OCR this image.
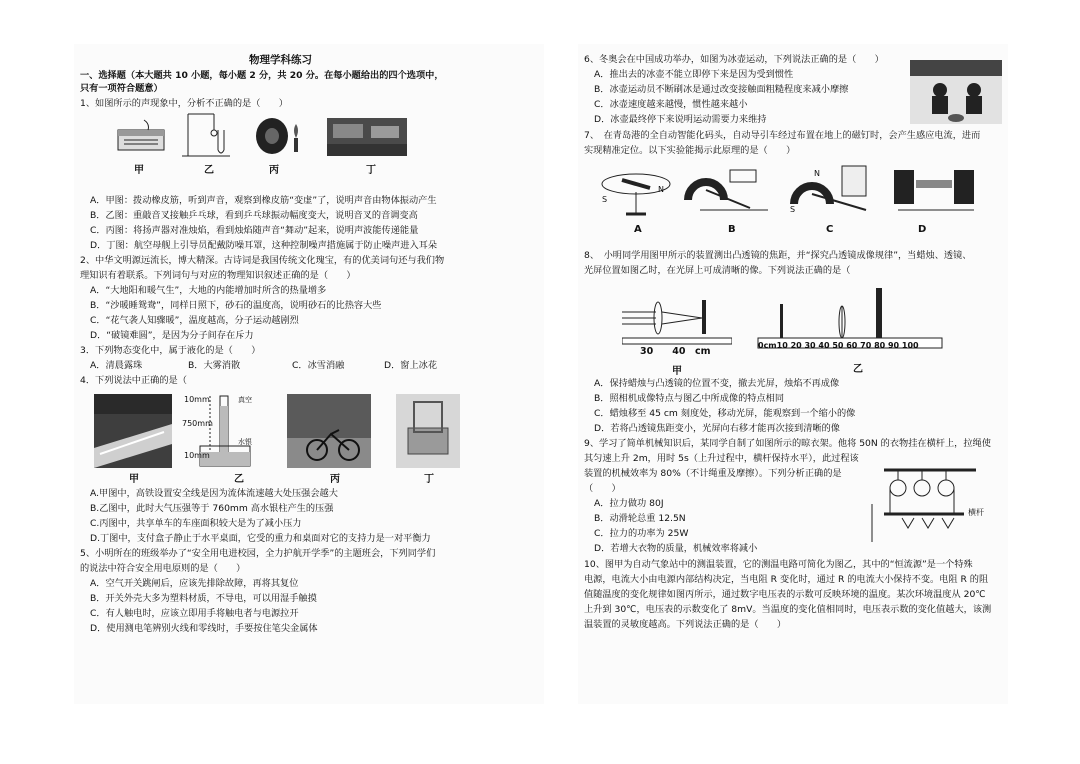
物理学科练习
一、选择题（本大题共 10 小题，每小题 2 分，共 20 分。在每小题给出的四个选项中，
只有一项符合题意）
1、如图所示的声现象中，分析不正确的是（　　）
甲	乙	丙	丁
A．甲图：拨动橡皮筋，听到声音，观察到橡皮筋“变虚”了，说明声音由物体振动产生
B．乙图：重敲音叉接触乒乓球，看到乒乓球振动幅度变大，说明音叉的音调变高
C．丙图：将扬声器对准烛焰，看到烛焰随声音“舞动”起来，说明声波能传递能量
D．丁图：航空母舰上引导员配戴防噪耳罩，这种控制噪声措施属于防止噪声进入耳朵
2、中华文明源远流长，博大精深。古诗词是我国传统文化瑰宝，有的优美词句还与我们物
理知识有着联系。下列词句与对应的物理知识叙述正确的是（　　）
A．“大地阳和暖气生”，大地的内能增加时所含的热量增多
B．“沙暖睡鸳鸯”，同样日照下，砂石的温度高，说明砂石的比热容大些
C．“花气袭人知骤暖”，温度越高，分子运动越剧烈
D．“破镜难圆”，是因为分子间存在斥力
3．下列物态变化中，属于液化的是（　　）
A．清晨露珠	B．大雾消散	C．冰雪消融	D．窗上冰花
4．下列说法中正确的是（
10mm	真空
750mm
水银
10mm
甲	乙	丙	丁
A.甲图中，高铁设置安全线是因为流体流速越大处压强会越大
B.乙图中，此时大气压强等于 760mm 高水银柱产生的压强
C.丙图中，共享单车的车座面积较大是为了减小压力
D.丁图中，支付盒子静止于水平桌面，它受的重力和桌面对它的支持力是一对平衡力
5、小明所在的班级举办了“安全用电进校园，全力护航开学季”的主题班会，下列同学们
的说法中符合安全用电原则的是（　　）
A．空气开关跳闸后，应该先排除故障，再将其复位
B．开关外壳大多为塑料材质，不导电，可以用湿手触摸
C．有人触电时，应该立即用手将触电者与电源拉开
D．使用测电笔辨别火线和零线时，手要按住笔尖金属体
6、冬奥会在中国成功举办，如图为冰壶运动，下列说法正确的是（　　）
A．推出去的冰壶不能立即停下来是因为受到惯性
B．冰壶运动员不断刷冰是通过改变接触面粗糙程度来减小摩擦
C．冰壶速度越来越慢，惯性越来越小
D．冰壶最终停下来说明运动需要力来维持
7、　在青岛港的全自动智能化码头，自动导引车经过布置在地上的磁钉时，会产生感应电流，进而
实现精准定位。以下实验能揭示此原理的是（　　）
S
N
N
S
A	B	C	D
8、　小明同学用图甲所示的装置测出凸透镜的焦距，并“探究凸透镜成像规律”，当蜡烛、透镜、
光屏位置如图乙时，在光屏上可成清晰的像。下列说法正确的是（
30　　40　cm
甲
0cm10 20 30 40 50 60 70 80 90 100
乙
A．保持蜡烛与凸透镜的位置不变，撤去光屏，烛焰不再成像
B．照相机成像特点与图乙中所成像的特点相同
C．蜡烛移至 45 cm 刻度处，移动光屏，能观察到一个缩小的像
D．若将凸透镜焦距变小，光屏向右移才能再次接到清晰的像
9、学习了简单机械知识后，某同学自制了如图所示的晾衣架。他将 50N 的衣物挂在横杆上，拉绳使
其匀速上升 2m，用时 5s（上升过程中，横杆保持水平），此过程该
装置的机械效率为 80%（不计绳重及摩擦）。下列分析正确的是
（　　）
A．拉力做功 80J
B．动滑轮总重 12.5N
C．拉力的功率为 25W
D．若增大衣物的质量，机械效率将减小
横杆
10、图甲为自动气象站中的测温装置，它的测温电路可简化为图乙，其中的“恒流源”是一个特殊
电源，电流大小由电源内部结构决定，当电阻 R 变化时，通过 R 的电流大小保持不变。电阻 R 的阻
值随温度的变化规律如图丙所示，通过数字电压表的示数可反映环境的温度。某次环境温度从 20℃
上升到 30℃，电压表的示数变化了 8mV。当温度的变化值相同时，电压表示数的变化值越大，该测
温装置的灵敏度越高。下列说法正确的是（　　）
